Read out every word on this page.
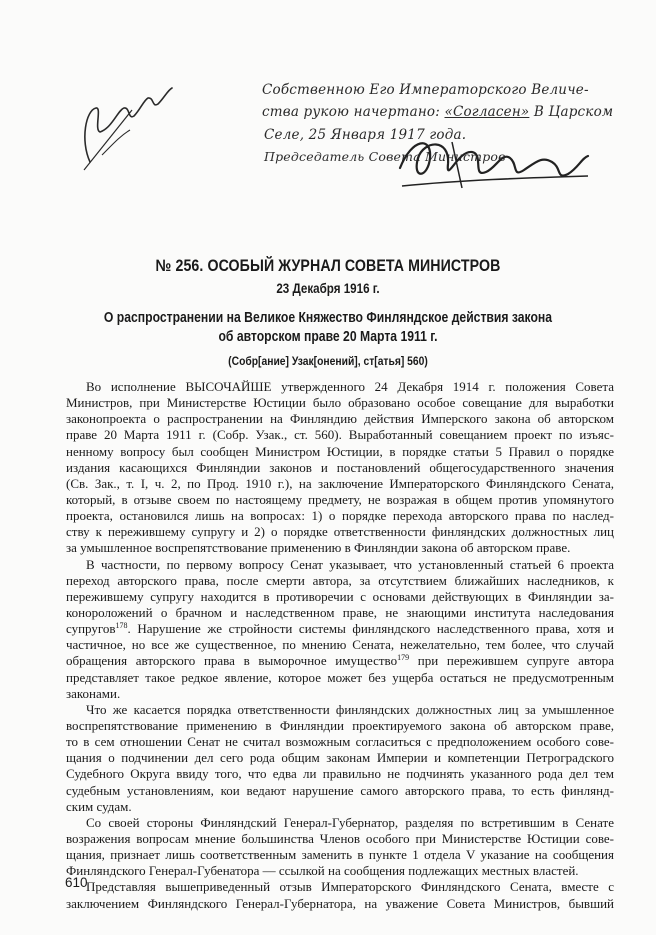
Собственною Его Императорского Величе-
ства рукою начертано: «Согласен» В Царском
Селе, 25 Января 1917 года.
Председатель Совета Министров
№ 256. ОСОБЫЙ ЖУРНАЛ СОВЕТА МИНИСТРОВ
23 Декабря 1916 г.
О распространении на Великое Княжество Финляндское действия закона
об авторском праве 20 Марта 1911 г.
(Собр[ание] Узак[онений], ст[атья] 560)
Во исполнение ВЫСОЧАЙШЕ утвержденного 24 Декабря 1914 г. положения Совета
Министров, при Министерстве Юстиции было образовано особое совещание для выработки
законопроекта о распространении на Финляндию действия Имперского закона об авторском
праве 20 Марта 1911 г. (Собр. Узак., ст. 560). Выработанный совещанием проект по изъяс-
ненному вопросу был сообщен Министром Юстиции, в порядке статьи 5 Правил о порядке
издания касающихся Финляндии законов и постановлений общегосударственного значения
(Св. Зак., т. I, ч. 2, по Прод. 1910 г.), на заключение Императорского Финляндского Сената,
который, в отзыве своем по настоящему предмету, не возражая в общем против упомянутого
проекта, остановился лишь на вопросах: 1) о порядке перехода авторского права по наслед-
ству к пережившему супругу и 2) о порядке ответственности финляндских должностных лиц
за умышленное воспрепятствование применению в Финляндии закона об авторском праве.
В частности, по первому вопросу Сенат указывает, что установленный статьей 6 проекта
переход авторского права, после смерти автора, за отсутствием ближайших наследников, к
пережившему супругу находится в противоречии с основами действующих в Финляндии за-
конopоложений о брачном и наследственном праве, не знающими института наследования
супругов$^{178}$. Нарушение же стройности системы финляндского наследственного права, хотя и
частичное, но все же существенное, по мнению Сената, нежелательно, тем более, что случай
обращения авторского права в выморочное имущество$^{179}$ при пережившем супруге автора
представляет такое редкое явление, которое может без ущерба остаться не предусмотренным
законами.
Что же касается порядка ответственности финляндских должностных лиц за умышленное
воспрепятствование применению в Финляндии проектируемого закона об авторском праве,
то в сем отношении Сенат не считал возможным согласиться с предположением особого сове-
щания о подчинении дел сего рода общим законам Империи и компетенции Петроградского
Судебного Округа ввиду того, что едва ли правильно не подчинять указанного рода дел тем
судебным установлениям, кои ведают нарушение самого авторского права, то есть финлянд-
ским судам.
Со своей стороны Финляндский Генерал-Губернатор, разделяя по встретившим в Сенате
возражения вопросам мнение большинства Членов особого при Министерстве Юстиции сове-
щания, признает лишь соответственным заменить в пункте 1 отдела V указание на сообщения
Финляндского Генерал-Губенатора — ссылкой на сообщения подлежащих местных властей.
Представляя вышеприведенный отзыв Императорского Финляндского Сената, вместе с
заключением Финляндского Генерал-Губернатора, на уважение Совета Министров, бывший
610
